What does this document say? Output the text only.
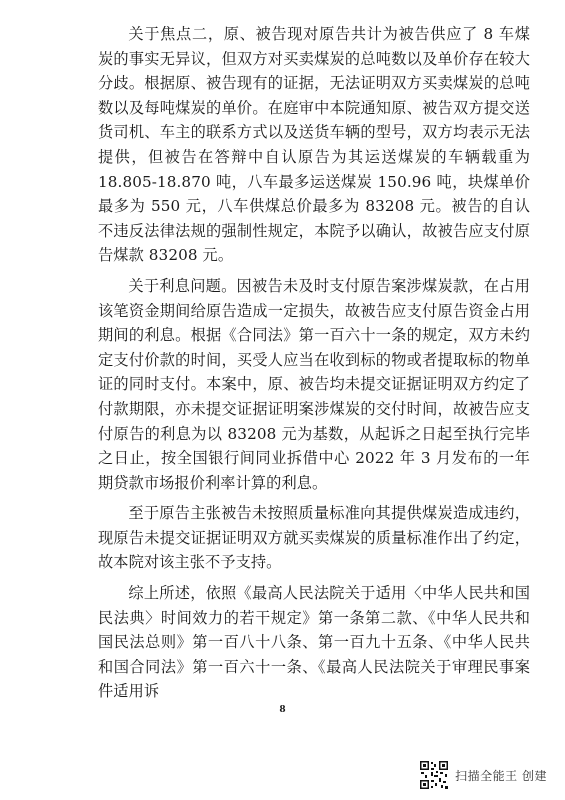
关于焦点二，原、被告现对原告共计为被告供应了 8 车煤炭的事实无异议，但双方对买卖煤炭的总吨数以及单价存在较大分歧。根据原、被告现有的证据，无法证明双方买卖煤炭的总吨数以及每吨煤炭的单价。在庭审中本院通知原、被告双方提交送货司机、车主的联系方式以及送货车辆的型号，双方均表示无法提供，但被告在答辩中自认原告为其运送煤炭的车辆载重为 18.805-18.870 吨，八车最多运送煤炭 150.96 吨，块煤单价最多为 550 元，八车供煤总价最多为 83208 元。被告的自认不违反法律法规的强制性规定，本院予以确认，故被告应支付原告煤款 83208 元。

关于利息问题。因被告未及时支付原告案涉煤炭款，在占用该笔资金期间给原告造成一定损失，故被告应支付原告资金占用期间的利息。根据《合同法》第一百六十一条的规定，双方未约定支付价款的时间，买受人应当在收到标的物或者提取标的物单证的同时支付。本案中，原、被告均未提交证据证明双方约定了付款期限，亦未提交证据证明案涉煤炭的交付时间，故被告应支付原告的利息为以 83208 元为基数，从起诉之日起至执行完毕之日止，按全国银行间同业拆借中心 2022 年 3 月发布的一年期贷款市场报价利率计算的利息。

至于原告主张被告未按照质量标准向其提供煤炭造成违约，现原告未提交证据证明双方就买卖煤炭的质量标准作出了约定，故本院对该主张不予支持。

综上所述，依照《最高人民法院关于适用〈中华人民共和国民法典〉时间效力的若干规定》第一条第二款、《中华人民共和国民法总则》第一百八十八条、第一百九十五条、《中华人民共和国合同法》第一百六十一条、《最高人民法院关于审理民事案件适用诉

8
扫描全能王 创建
